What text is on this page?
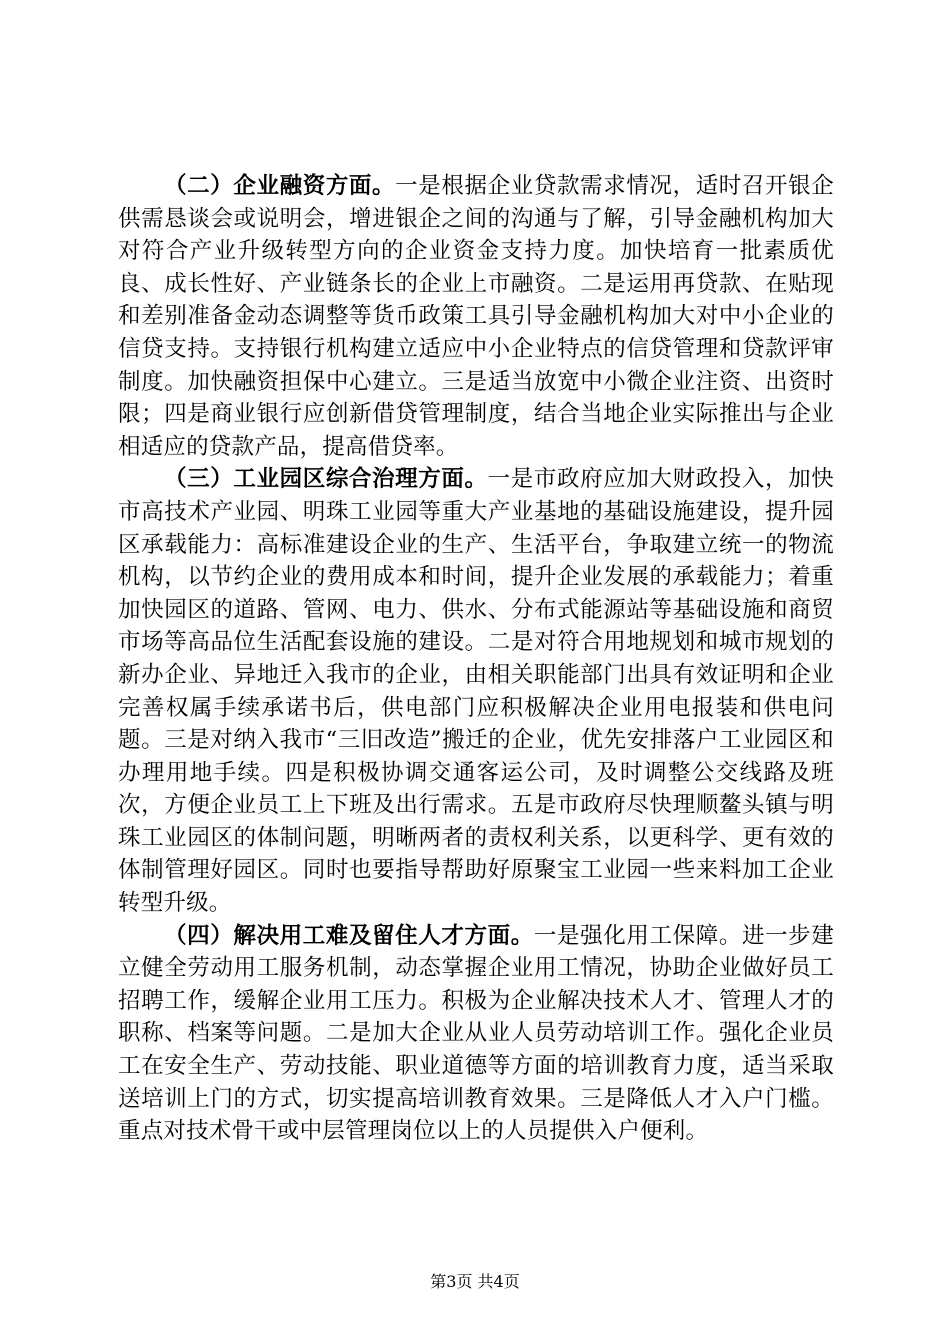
（二）企业融资方面。一是根据企业贷款需求情况，适时召开银企供需恳谈会或说明会，增进银企之间的沟通与了解，引导金融机构加大对符合产业升级转型方向的企业资金支持力度。加快培育一批素质优良、成长性好、产业链条长的企业上市融资。二是运用再贷款、在贴现和差别准备金动态调整等货币政策工具引导金融机构加大对中小企业的信贷支持。支持银行机构建立适应中小企业特点的信贷管理和贷款评审制度。加快融资担保中心建立。三是适当放宽中小微企业注资、出资时限；四是商业银行应创新借贷管理制度，结合当地企业实际推出与企业相适应的贷款产品，提高借贷率。

（三）工业园区综合治理方面。一是市政府应加大财政投入，加快市高技术产业园、明珠工业园等重大产业基地的基础设施建设，提升园区承载能力：高标准建设企业的生产、生活平台，争取建立统一的物流机构，以节约企业的费用成本和时间，提升企业发展的承载能力；着重加快园区的道路、管网、电力、供水、分布式能源站等基础设施和商贸市场等高品位生活配套设施的建设。二是对符合用地规划和城市规划的新办企业、异地迁入我市的企业，由相关职能部门出具有效证明和企业完善权属手续承诺书后，供电部门应积极解决企业用电报装和供电问题。三是对纳入我市“三旧改造”搬迁的企业，优先安排落户工业园区和办理用地手续。四是积极协调交通客运公司，及时调整公交线路及班次，方便企业员工上下班及出行需求。五是市政府尽快理顺鳌头镇与明珠工业园区的体制问题，明晰两者的责权利关系，以更科学、更有效的体制管理好园区。同时也要指导帮助好原聚宝工业园一些来料加工企业转型升级。

（四）解决用工难及留住人才方面。一是强化用工保障。进一步建立健全劳动用工服务机制，动态掌握企业用工情况，协助企业做好员工招聘工作，缓解企业用工压力。积极为企业解决技术人才、管理人才的职称、档案等问题。二是加大企业从业人员劳动培训工作。强化企业员工在安全生产、劳动技能、职业道德等方面的培训教育力度，适当采取送培训上门的方式，切实提高培训教育效果。三是降低人才入户门槛。重点对技术骨干或中层管理岗位以上的人员提供入户便利。

第3页 共4页
